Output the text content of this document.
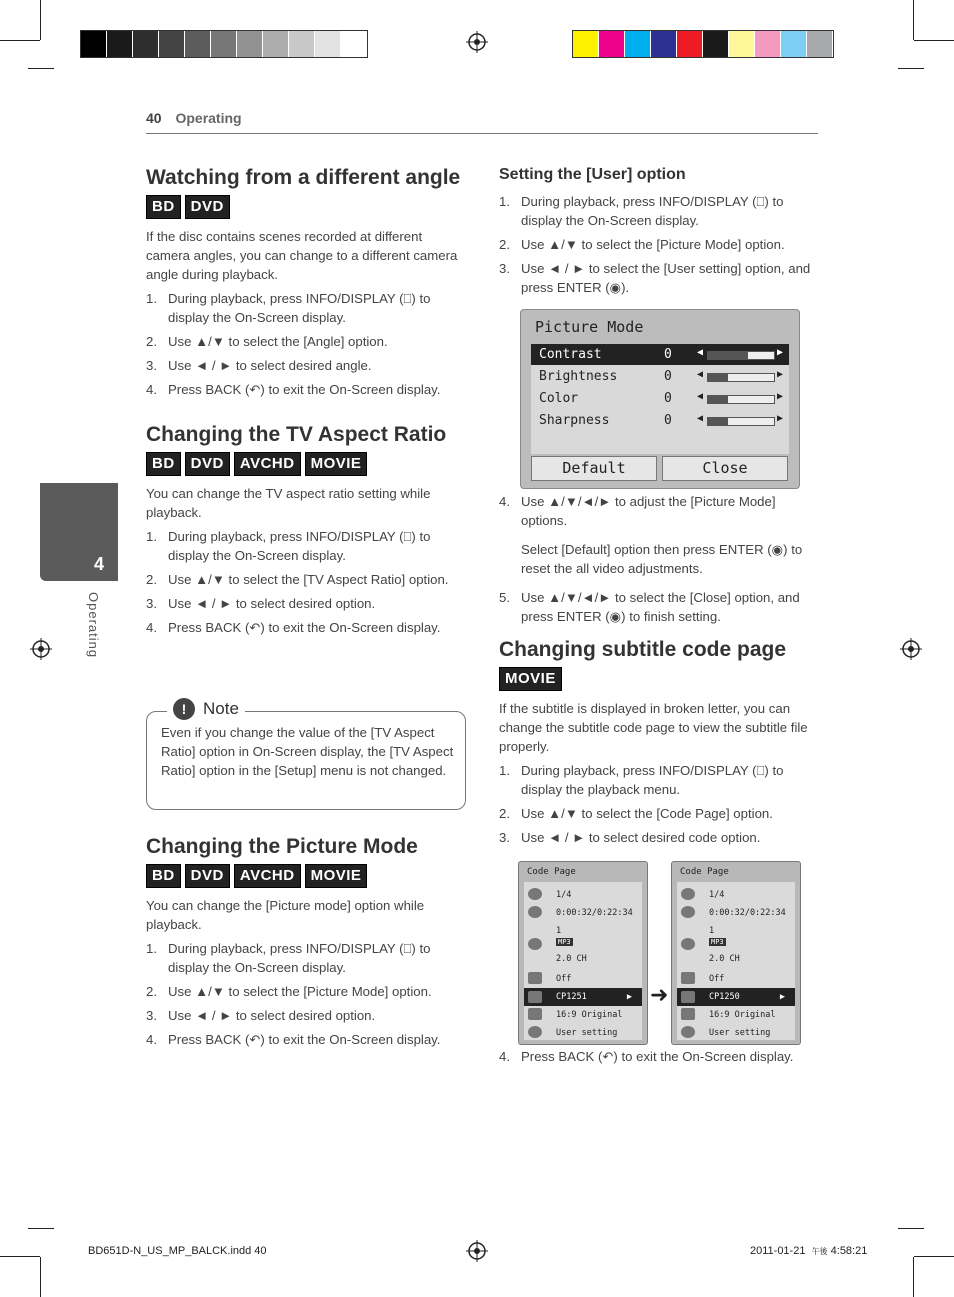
40 Operating
4
Operating
Watching from a different angle
BD	DVD

If the disc contains scenes recorded at different camera angles, you can change to a different camera angle during playback.

1. During playback, press INFO/DISPLAY (⎕) to display the On-Screen display.
2. Use ▲/▼ to select the [Angle] option.
3. Use ◄ / ► to select desired angle.
4. Press BACK (↶) to exit the On-Screen display.
Changing the TV Aspect Ratio
BD	DVD	AVCHD	MOVIE

You can change the TV aspect ratio setting while playback.

1. During playback, press INFO/DISPLAY (⎕) to display the On-Screen display.
2. Use ▲/▼ to select the [TV Aspect Ratio] option.
3. Use ◄ / ► to select desired option.
4. Press BACK (↶) to exit the On-Screen display.
! Note

Even if you change the value of the [TV Aspect Ratio] option in On-Screen display, the [TV Aspect Ratio] option in the [Setup] menu is not changed.

Changing the Picture Mode
BD	DVD	AVCHD	MOVIE

You can change the [Picture mode] option while playback.

1. During playback, press INFO/DISPLAY (⎕) to display the On-Screen display.
2. Use ▲/▼ to select the [Picture Mode] option.
3. Use ◄ / ► to select desired option.
4. Press BACK (↶) to exit the On-Screen display.
Setting the [User] option
1. During playback, press INFO/DISPLAY (⎕) to display the On-Screen display.
2. Use ▲/▼ to select the [Picture Mode] option.
3. Use ◄ / ► to select the [User setting] option, and press ENTER (◉).
Picture Mode
Contrast	0	◀	▶
Brightness	0	◀	▶
Color	0	◀	▶
Sharpness	0	◀	▶
Default	Close
4. Use ▲/▼/◄/► to adjust the [Picture Mode] options.
Select [Default] option then press ENTER (◉) to reset the all video adjustments.
5. Use ▲/▼/◄/► to select the [Close] option, and press ENTER (◉) to finish setting.
Changing subtitle code page
MOVIE

If the subtitle is displayed in broken letter, you can change the subtitle code page to view the subtitle file properly.

1. During playback, press INFO/DISPLAY (⎕) to display the playback menu.
2. Use ▲/▼ to select the [Code Page] option.
3. Use ◄ / ► to select desired code option.
Code Page
1/4
0:00:32/0:22:34
1
MP3
2.0 CH
Off
CP1251	▶
16:9 Original
User setting
➜
Code Page
1/4
0:00:32/0:22:34
1
MP3
2.0 CH
Off
CP1250	▶
16:9 Original
User setting
4. Press BACK (↶) to exit the On-Screen display.
BD651D-N_US_MP_BALCK.indd 40	2011-01-21 午後 4:58:21
